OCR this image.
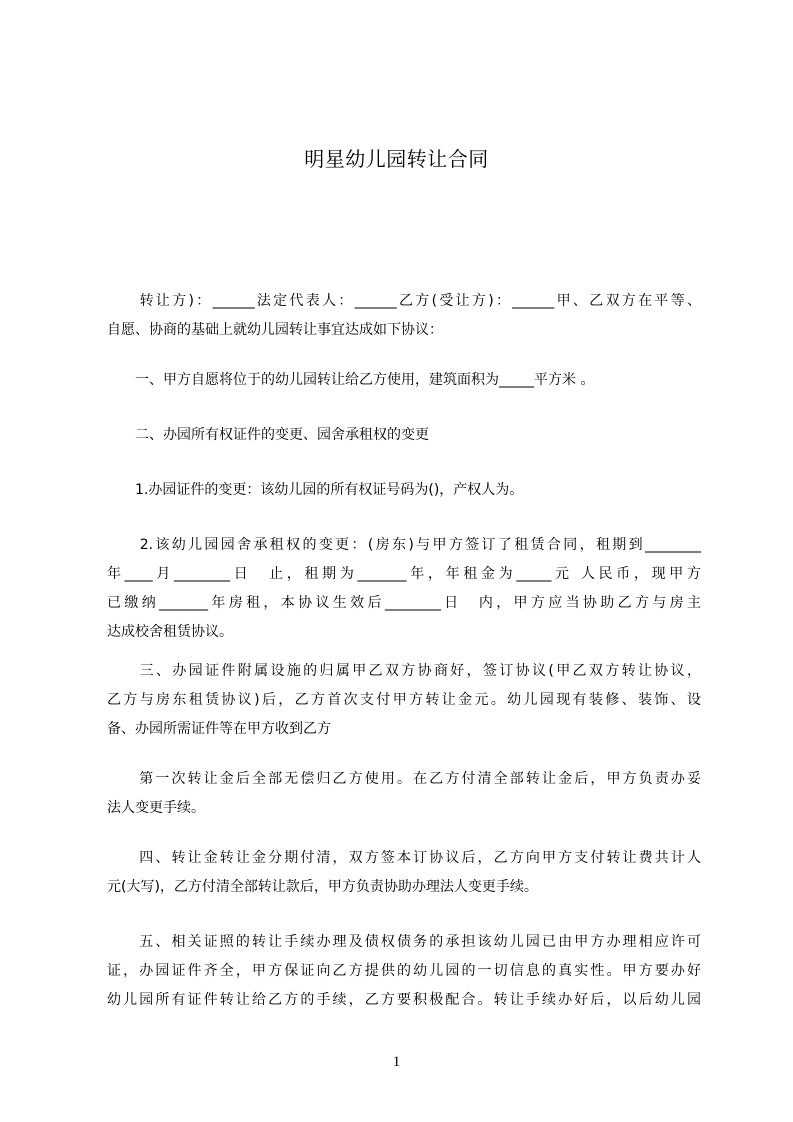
明星幼儿园转让合同
　　转让方)：______法定代表人：______乙方(受让方)：______甲、乙双方在平等、
自愿、协商的基础上就幼儿园转让事宜达成如下协议：
　　一、甲方自愿将位于的幼儿园转让给乙方使用，建筑面积为_____平方米 。
　　二、办园所有权证件的变更、园舍承租权的变更
　　1.办园证件的变更：该幼儿园的所有权证号码为()，产权人为。
　　2.该幼儿园园舍承租权的变更：(房东)与甲方签订了租赁合同，租期到________
年____月________日　止，租期为_______年，年租金为_____元 人民币，现甲方
已缴纳_______年房租，本协议生效后________日　内，甲方应当协助乙方与房主
达成校舍租赁协议。
　　三、办园证件附属设施的归属甲乙双方协商好，签订协议(甲乙双方转让协议，
乙方与房东租赁协议)后，乙方首次支付甲方转让金元。幼儿园现有装修、装饰、设
备、办园所需证件等在甲方收到乙方
　　第一次转让金后全部无偿归乙方使用。在乙方付清全部转让金后，甲方负责办妥
法人变更手续。
　　四、转让金转让金分期付清，双方签本订协议后，乙方向甲方支付转让费共计人
元(大写)，乙方付清全部转让款后，甲方负责协助办理法人变更手续。
　　五、相关证照的转让手续办理及债权债务的承担该幼儿园已由甲方办理相应许可
证，办园证件齐全，甲方保证向乙方提供的幼儿园的一切信息的真实性。甲方要办好
幼儿园所有证件转让给乙方的手续，乙方要积极配合。转让手续办好后，以后幼儿园
1
